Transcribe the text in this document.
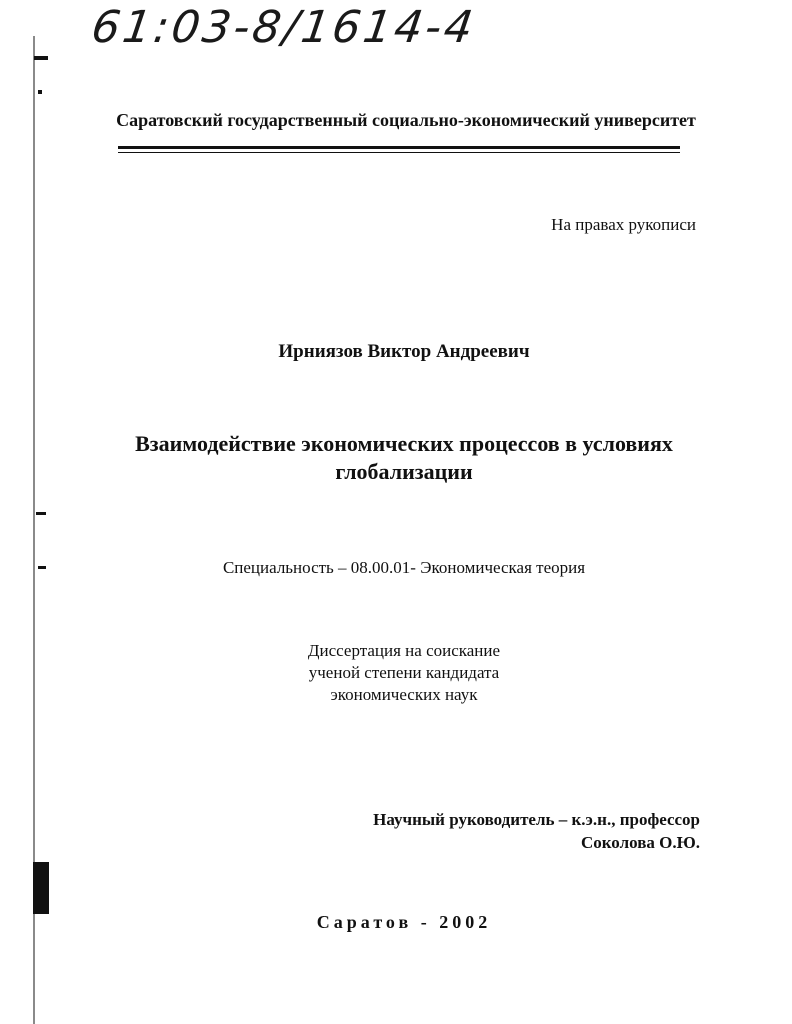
61:03-8/1614-4
Саратовский государственный социально-экономический университет
На правах рукописи
Ирниязов Виктор Андреевич
Взаимодействие экономических процессов в условиях
глобализации
Специальность – 08.00.01- Экономическая теория
Диссертация на соискание
ученой степени кандидата
экономических наук
Научный руководитель – к.э.н., профессор
Соколова О.Ю.
Саратов - 2002
